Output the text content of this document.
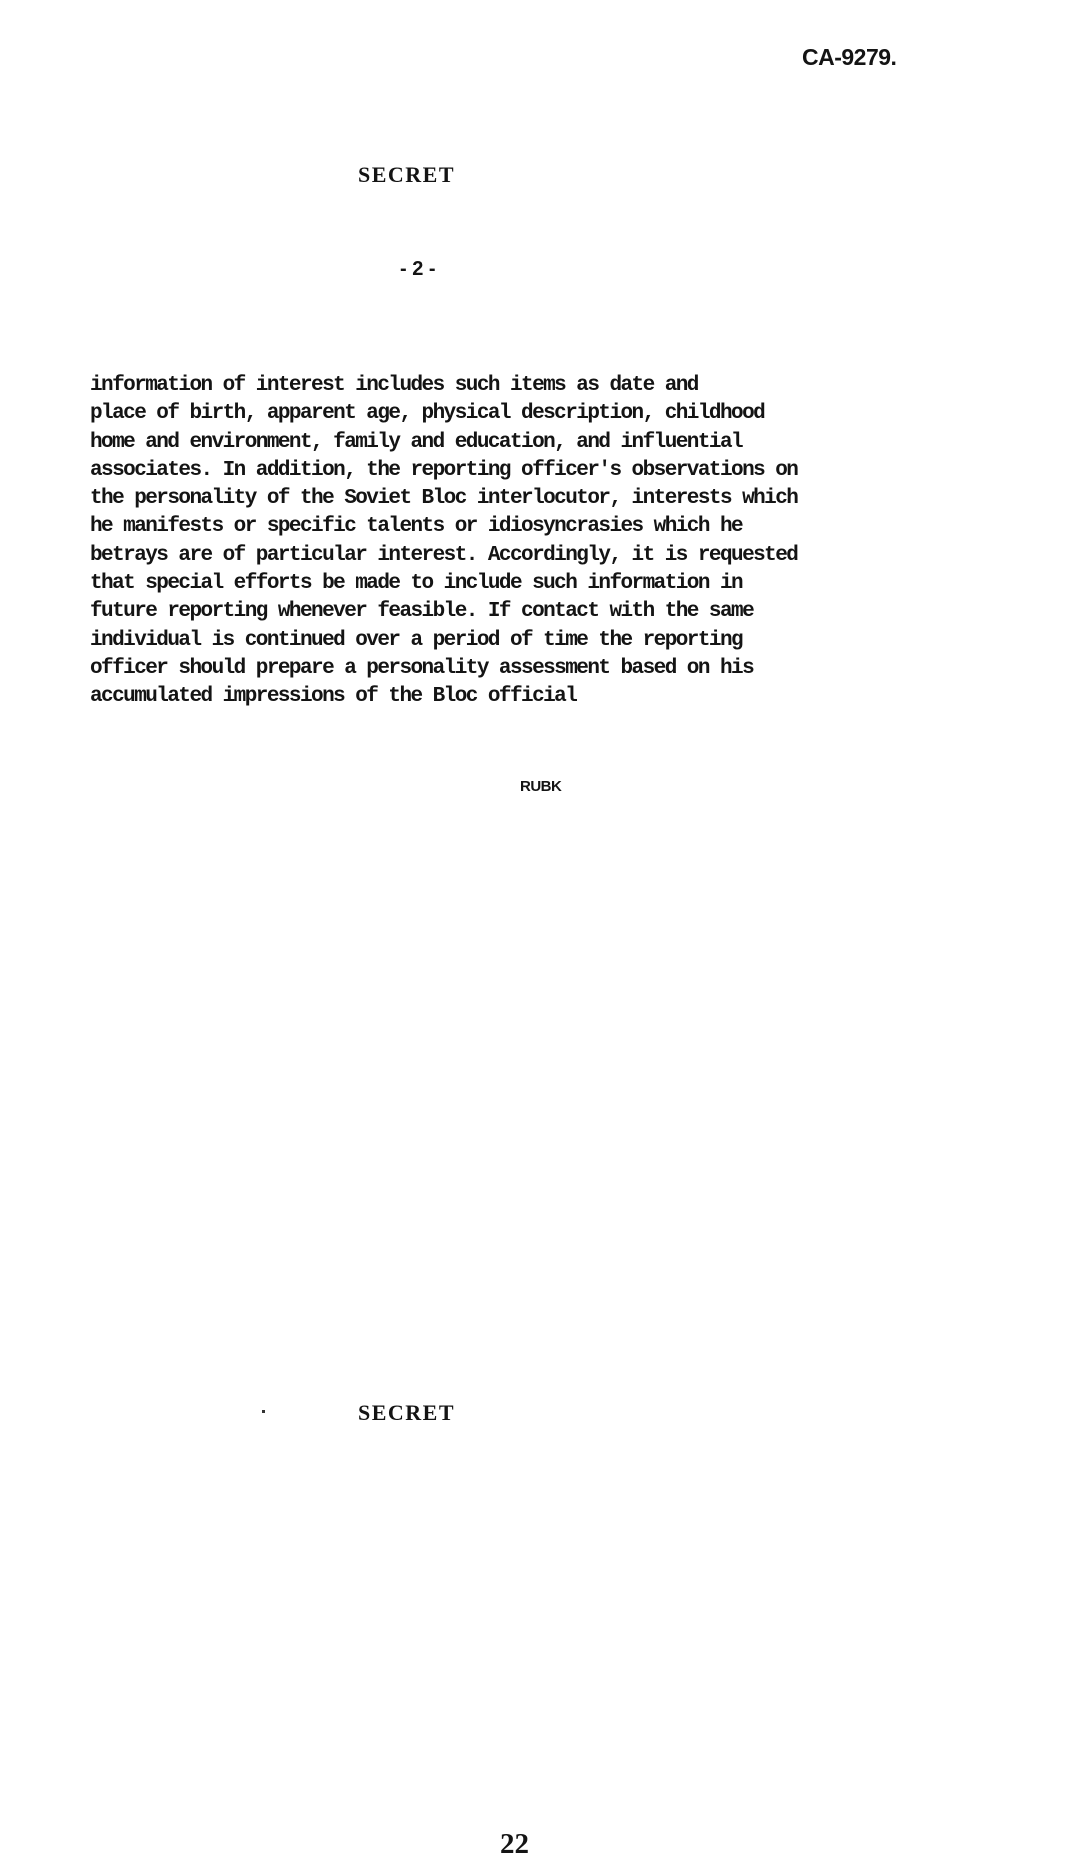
CA-9279.
SECRET
- 2 -
information of interest includes such items as date and
place of birth, apparent age, physical description, childhood
home and environment, family and education, and influential
associates. In addition, the reporting officer's observations on
the personality of the Soviet Bloc interlocutor, interests which
he manifests or specific talents or idiosyncrasies which he
betrays are of particular interest. Accordingly, it is requested
that special efforts be made to include such information in
future reporting whenever feasible. If contact with the same
individual is continued over a period of time the reporting
officer should prepare a personality assessment based on his
accumulated impressions of the Bloc official
RUBK
SECRET
22
